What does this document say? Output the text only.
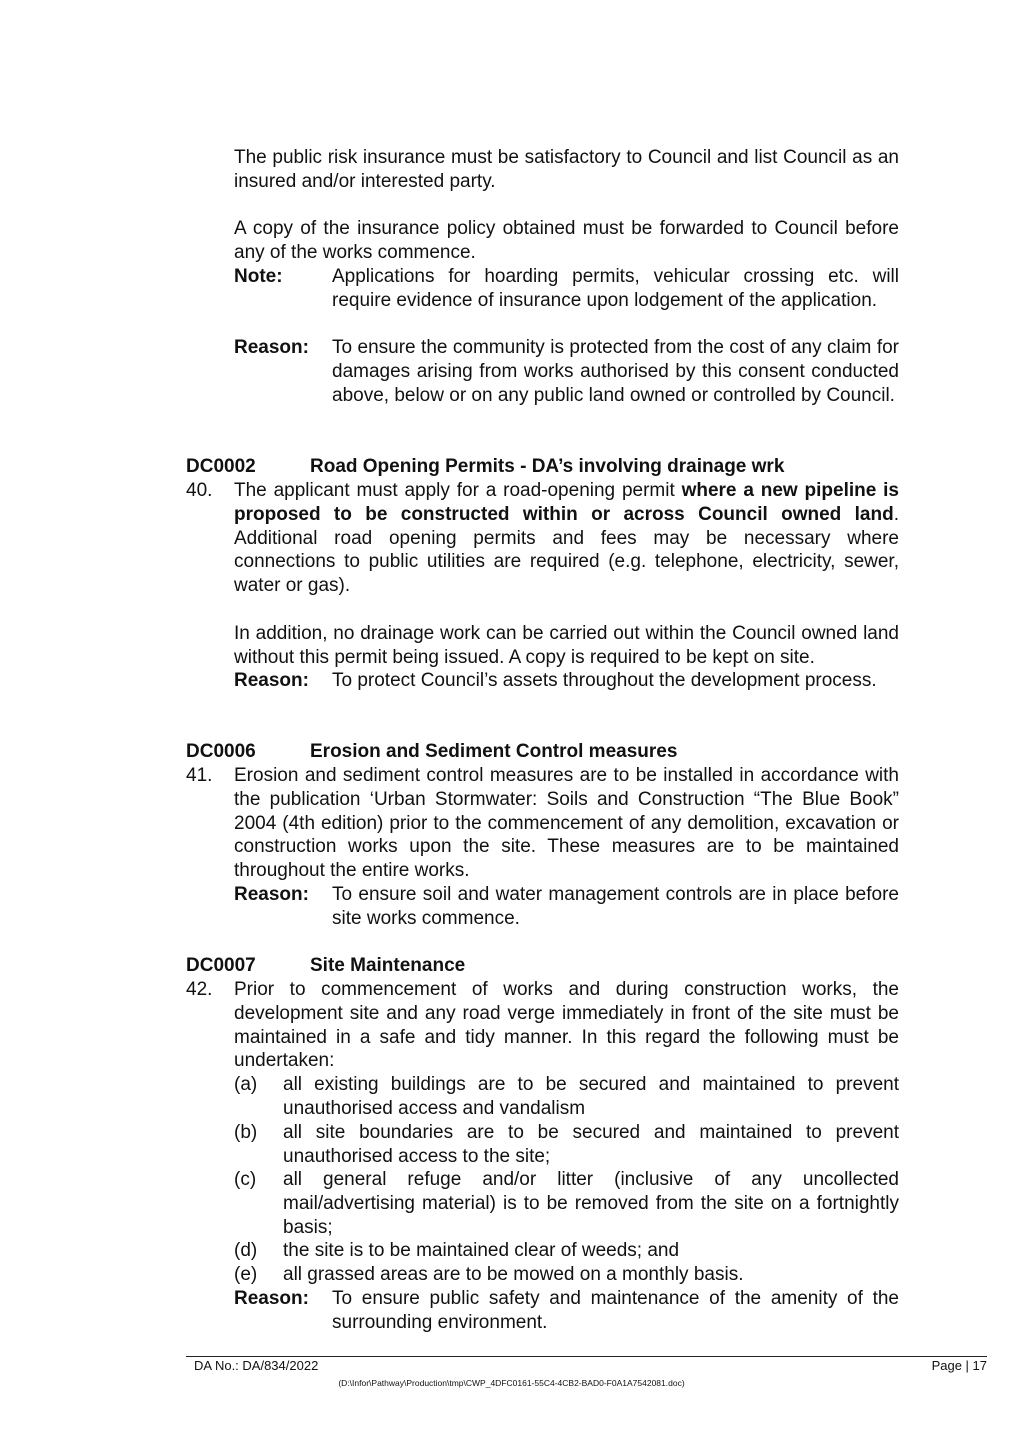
The public risk insurance must be satisfactory to Council and list Council as an insured and/or interested party.

A copy of the insurance policy obtained must be forwarded to Council before any of the works commence.

Note:	Applications for hoarding permits, vehicular crossing etc. will require evidence of insurance upon lodgement of the application.
Reason: To ensure the community is protected from the cost of any claim for damages arising from works authorised by this consent conducted above, below or on any public land owned or controlled by Council.
DC0002	Road Opening Permits - DA’s involving drainage wrk
40. The applicant must apply for a road-opening permit where a new pipeline is proposed to be constructed within or across Council owned land. Additional road opening permits and fees may be necessary where connections to public utilities are required (e.g. telephone, electricity, sewer, water or gas).

In addition, no drainage work can be carried out within the Council owned land without this permit being issued. A copy is required to be kept on site.

Reason: To protect Council’s assets throughout the development process.
DC0006	Erosion and Sediment Control measures
41. Erosion and sediment control measures are to be installed in accordance with the publication ‘Urban Stormwater: Soils and Construction “The Blue Book” 2004 (4th edition) prior to the commencement of any demolition, excavation or construction works upon the site. These measures are to be maintained throughout the entire works.

Reason: To ensure soil and water management controls are in place before site works commence.
DC0007	Site Maintenance
42. Prior to commencement of works and during construction works, the development site and any road verge immediately in front of the site must be maintained in a safe and tidy manner. In this regard the following must be undertaken:

(a) all existing buildings are to be secured and maintained to prevent unauthorised access and vandalism
(b) all site boundaries are to be secured and maintained to prevent unauthorised access to the site;
(c) all general refuge and/or litter (inclusive of any uncollected mail/advertising material) is to be removed from the site on a fortnightly basis;
(d) the site is to be maintained clear of weeds; and
(e) all grassed areas are to be mowed on a monthly basis.
Reason: To ensure public safety and maintenance of the amenity of the surrounding environment.
DA No.: DA/834/2022	Page | 17
(D:\Infor\Pathway\Production\tmp\CWP_4DFC0161-55C4-4CB2-BAD0-F0A1A7542081.doc)
